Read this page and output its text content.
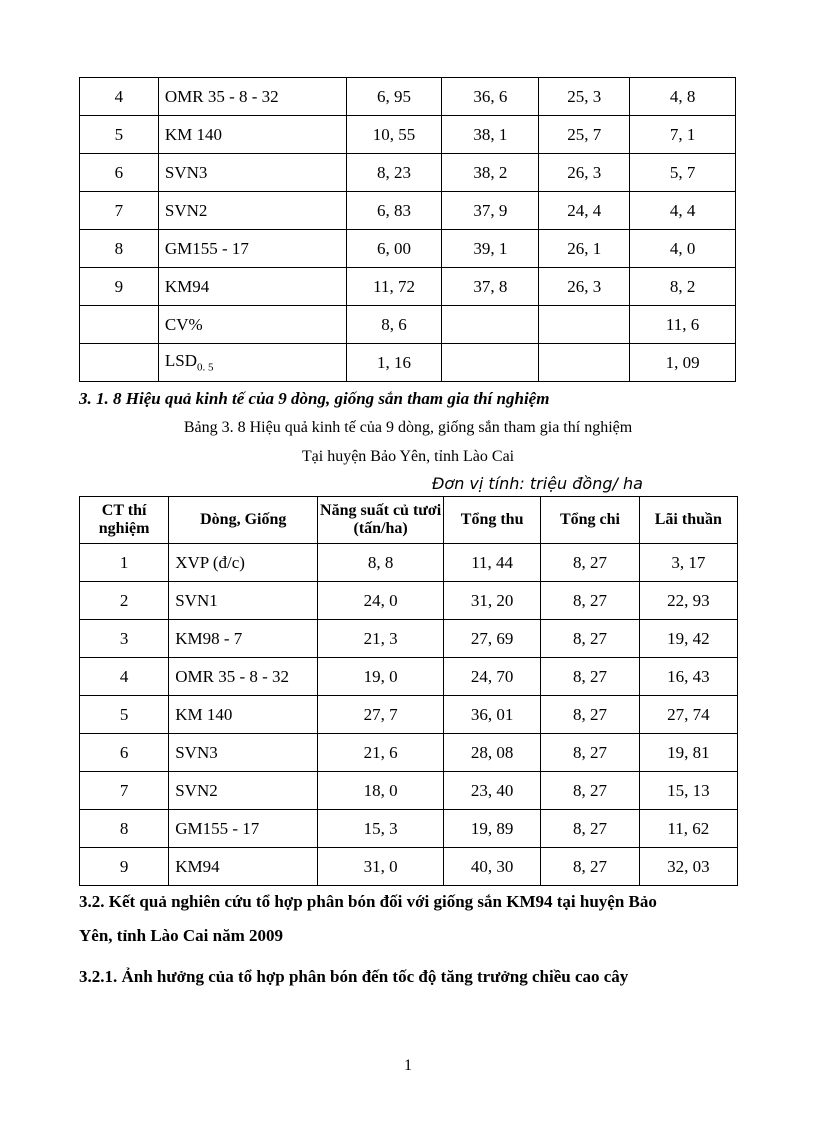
4	OMR 35 - 8 - 32	6, 95	36, 6	25, 3	4, 8
5	KM 140	10, 55	38, 1	25, 7	7, 1
6	SVN3	8, 23	38, 2	26, 3	5, 7
7	SVN2	6, 83	37, 9	24, 4	4, 4
8	GM155 - 17	6, 00	39, 1	26, 1	4, 0
9	KM94	11, 72	37, 8	26, 3	8, 2
	CV%	8, 6			11, 6
	$LSD_{0. 5}$	1, 16			1, 09
3. 1. 8 Hiệu quả kinh tế của 9 dòng, giống sắn tham gia thí nghiệm
Bảng 3. 8 Hiệu quả kinh tế của 9 dòng, giống sắn tham gia thí nghiệm
Tại huyện Bảo Yên, tỉnh Lào Cai
Đơn vị tính: triệu đồng/ ha
CT thí nghiệm	Dòng, Giống	Năng suất củ tươi (tấn/ha)	Tổng thu	Tổng chi	Lãi thuần
1	XVP (đ/c)	8, 8	11, 44	8, 27	3, 17
2	SVN1	24, 0	31, 20	8, 27	22, 93
3	KM98 - 7	21, 3	27, 69	8, 27	19, 42
4	OMR 35 - 8 - 32	19, 0	24, 70	8, 27	16, 43
5	KM 140	27, 7	36, 01	8, 27	27, 74
6	SVN3	21, 6	28, 08	8, 27	19, 81
7	SVN2	18, 0	23, 40	8, 27	15, 13
8	GM155 - 17	15, 3	19, 89	8, 27	11, 62
9	KM94	31, 0	40, 30	8, 27	32, 03
3.2. Kết quả nghiên cứu tổ hợp phân bón đối với giống sắn KM94 tại huyện Bảo
Yên, tỉnh Lào Cai năm 2009
3.2.1. Ảnh hưởng của tổ hợp phân bón đến tốc độ tăng trưởng chiều cao cây
1
